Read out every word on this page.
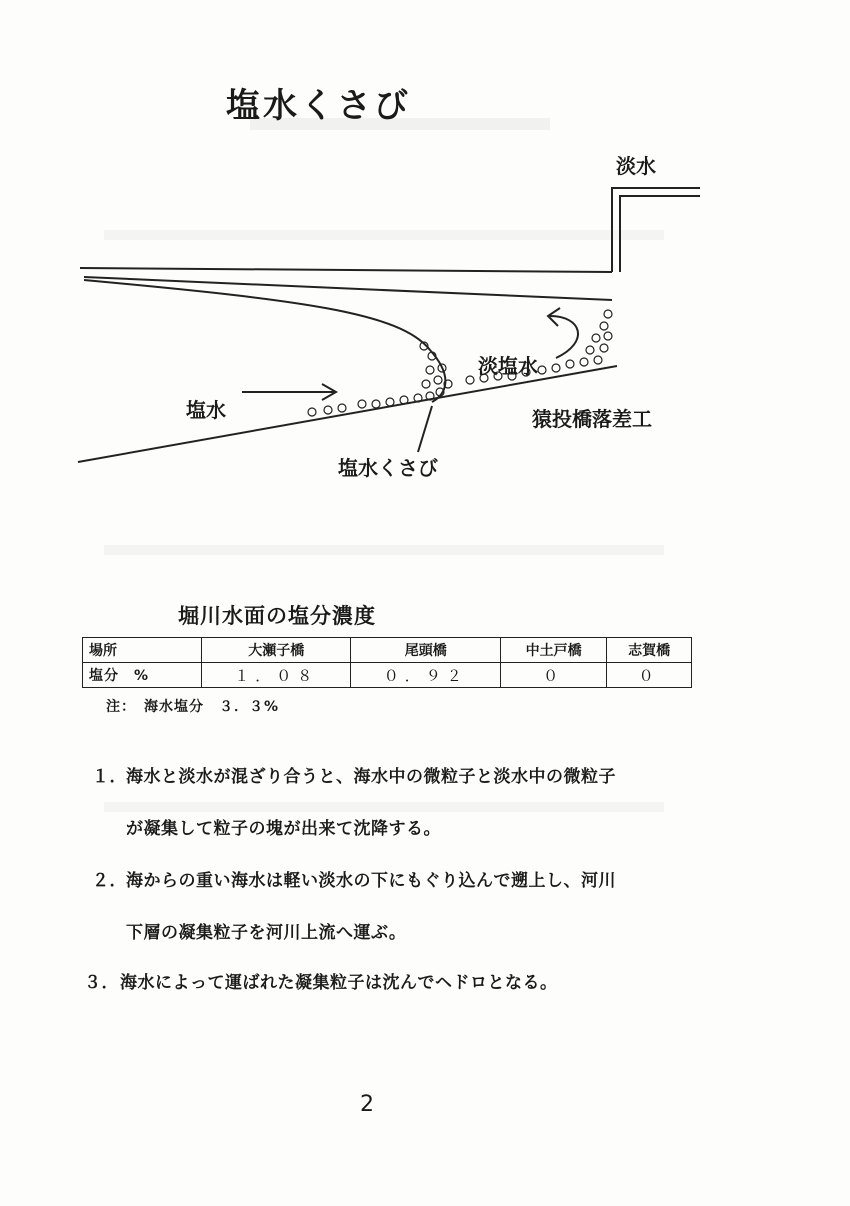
塩水くさび
淡水
淡塩水
塩水	猿投橋落差工
塩水くさび
堀川水面の塩分濃度
場所	大瀬子橋	尾頭橋	中土戸橋	志賀橋
塩分　%	１．０８	０．９２	０	０
注：　海水塩分　３．３%
１． 海水と淡水が混ざり合うと、海水中の微粒子と淡水中の微粒子
が凝集して粒子の塊が出来て沈降する。
２． 海からの重い海水は軽い淡水の下にもぐり込んで遡上し、河川
下層の凝集粒子を河川上流へ運ぶ。
３． 海水によって運ばれた凝集粒子は沈んでヘドロとなる。
2
